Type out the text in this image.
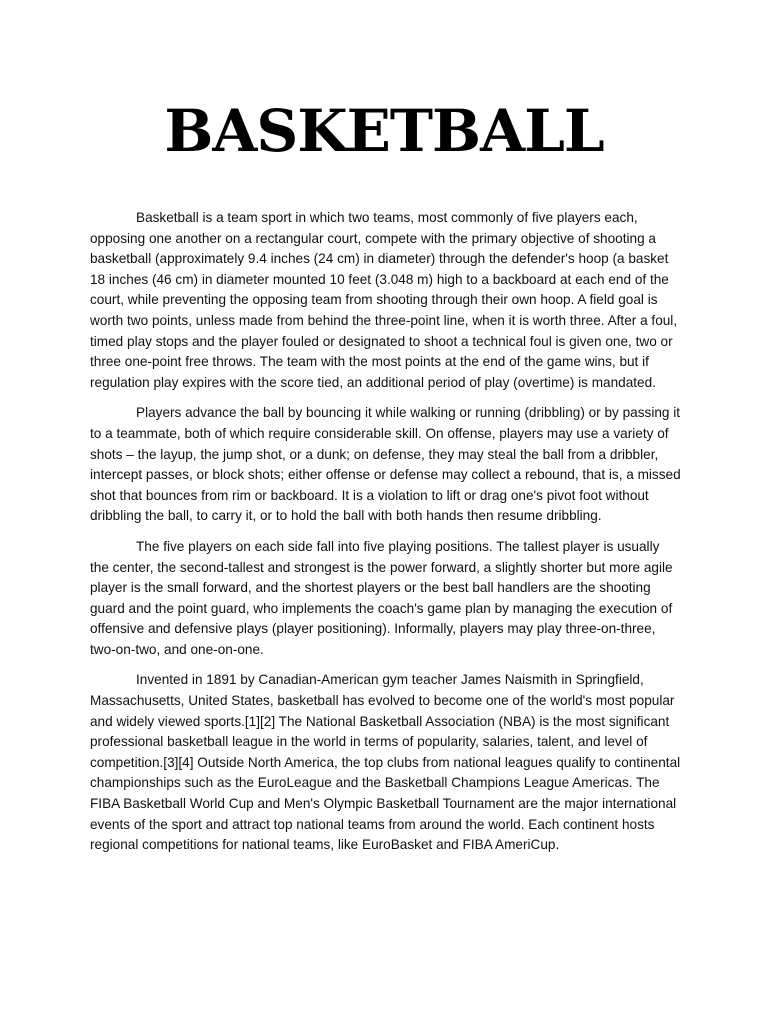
BASKETBALL

Basketball is a team sport in which two teams, most commonly of five players each, opposing one another on a rectangular court, compete with the primary objective of shooting a basketball (approximately 9.4 inches (24 cm) in diameter) through the defender's hoop (a basket 18 inches (46 cm) in diameter mounted 10 feet (3.048 m) high to a backboard at each end of the court, while preventing the opposing team from shooting through their own hoop. A field goal is worth two points, unless made from behind the three-point line, when it is worth three. After a foul, timed play stops and the player fouled or designated to shoot a technical foul is given one, two or three one-point free throws. The team with the most points at the end of the game wins, but if regulation play expires with the score tied, an additional period of play (overtime) is mandated.

Players advance the ball by bouncing it while walking or running (dribbling) or by passing it to a teammate, both of which require considerable skill. On offense, players may use a variety of shots – the layup, the jump shot, or a dunk; on defense, they may steal the ball from a dribbler, intercept passes, or block shots; either offense or defense may collect a rebound, that is, a missed shot that bounces from rim or backboard. It is a violation to lift or drag one's pivot foot without dribbling the ball, to carry it, or to hold the ball with both hands then resume dribbling.

The five players on each side fall into five playing positions. The tallest player is usually the center, the second-tallest and strongest is the power forward, a slightly shorter but more agile player is the small forward, and the shortest players or the best ball handlers are the shooting guard and the point guard, who implements the coach's game plan by managing the execution of offensive and defensive plays (player positioning). Informally, players may play three-on-three, two-on-two, and one-on-one.

Invented in 1891 by Canadian-American gym teacher James Naismith in Springfield, Massachusetts, United States, basketball has evolved to become one of the world's most popular and widely viewed sports.[1][2] The National Basketball Association (NBA) is the most significant professional basketball league in the world in terms of popularity, salaries, talent, and level of competition.[3][4] Outside North America, the top clubs from national leagues qualify to continental championships such as the EuroLeague and the Basketball Champions League Americas. The FIBA Basketball World Cup and Men's Olympic Basketball Tournament are the major international events of the sport and attract top national teams from around the world. Each continent hosts regional competitions for national teams, like EuroBasket and FIBA AmeriCup.
